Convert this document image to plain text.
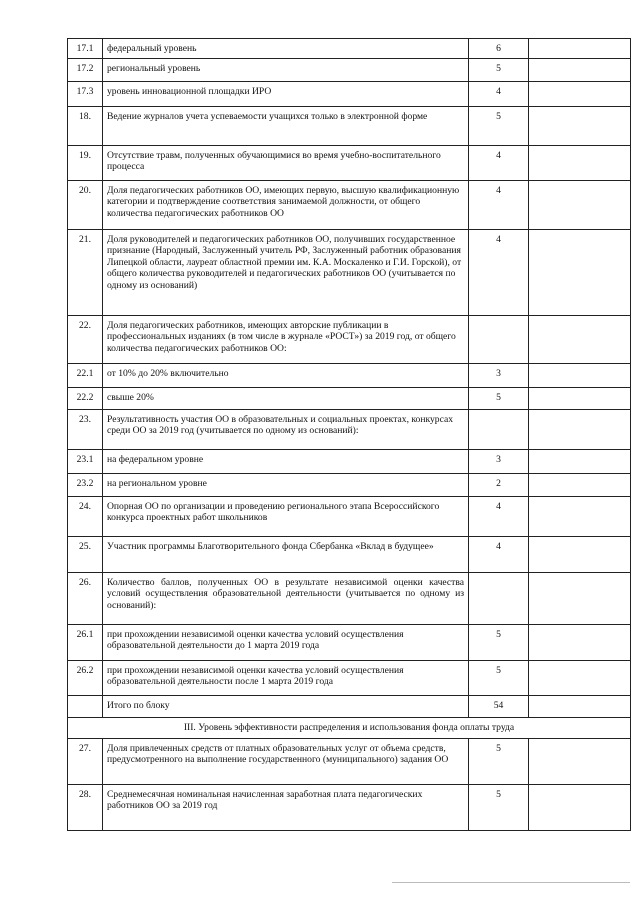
17.1	федеральный уровень	6	
17.2	региональный уровень	5	
17.3	уровень инновационной площадки ИРО	4	
18.	Ведение журналов учета успеваемости учащихся только в электронной форме	5	
19.	Отсутствие травм, полученных обучающимися во время учебно-воспитательного процесса	4	
20.	Доля педагогических работников ОО, имеющих первую, высшую квалификационную категории и подтверждение соответствия занимаемой должности, от общего количества педагогических работников ОО	4	
21.	Доля руководителей и педагогических работников ОО, получивших государственное признание (Народный, Заслуженный учитель РФ, Заслуженный работник образования Липецкой области, лауреат областной премии им. К.А. Москаленко и Г.И. Горской), от общего количества руководителей и педагогических работников ОО (учитывается по одному из оснований)	4	
22.	Доля педагогических работников, имеющих авторские публикации в профессиональных изданиях (в том числе в журнале «РОСТ») за 2019 год, от общего количества педагогических работников ОО:		
22.1	от 10% до 20% включительно	3	
22.2	свыше 20%	5	
23.	Результативность участия ОО в образовательных и социальных проектах, конкурсах среди ОО за 2019 год (учитывается по одному из оснований):		
23.1	на федеральном уровне	3	
23.2	на региональном уровне	2	
24.	Опорная ОО по организации и проведению регионального этапа Всероссийского конкурса проектных работ школьников	4	
25.	Участник программы Благотворительного фонда Сбербанка «Вклад в будущее»	4	
26.	Количество баллов, полученных ОО в результате независимой оценки качества условий осуществления образовательной деятельности (учитывается по одному из оснований):		
26.1	при прохождении независимой оценки качества условий осуществления образовательной деятельности до 1 марта 2019 года	5	
26.2	при прохождении независимой оценки качества условий осуществления образовательной деятельности после 1 марта 2019 года	5	
	Итого по блоку	54	
III. Уровень эффективности распределения и использования фонда оплаты труда			
27.	Доля привлеченных средств от платных образовательных услуг от объема средств, предусмотренного на выполнение государственного (муниципального) задания ОО	5	
28.	Среднемесячная номинальная начисленная заработная плата педагогических работников ОО за 2019 год	5	
